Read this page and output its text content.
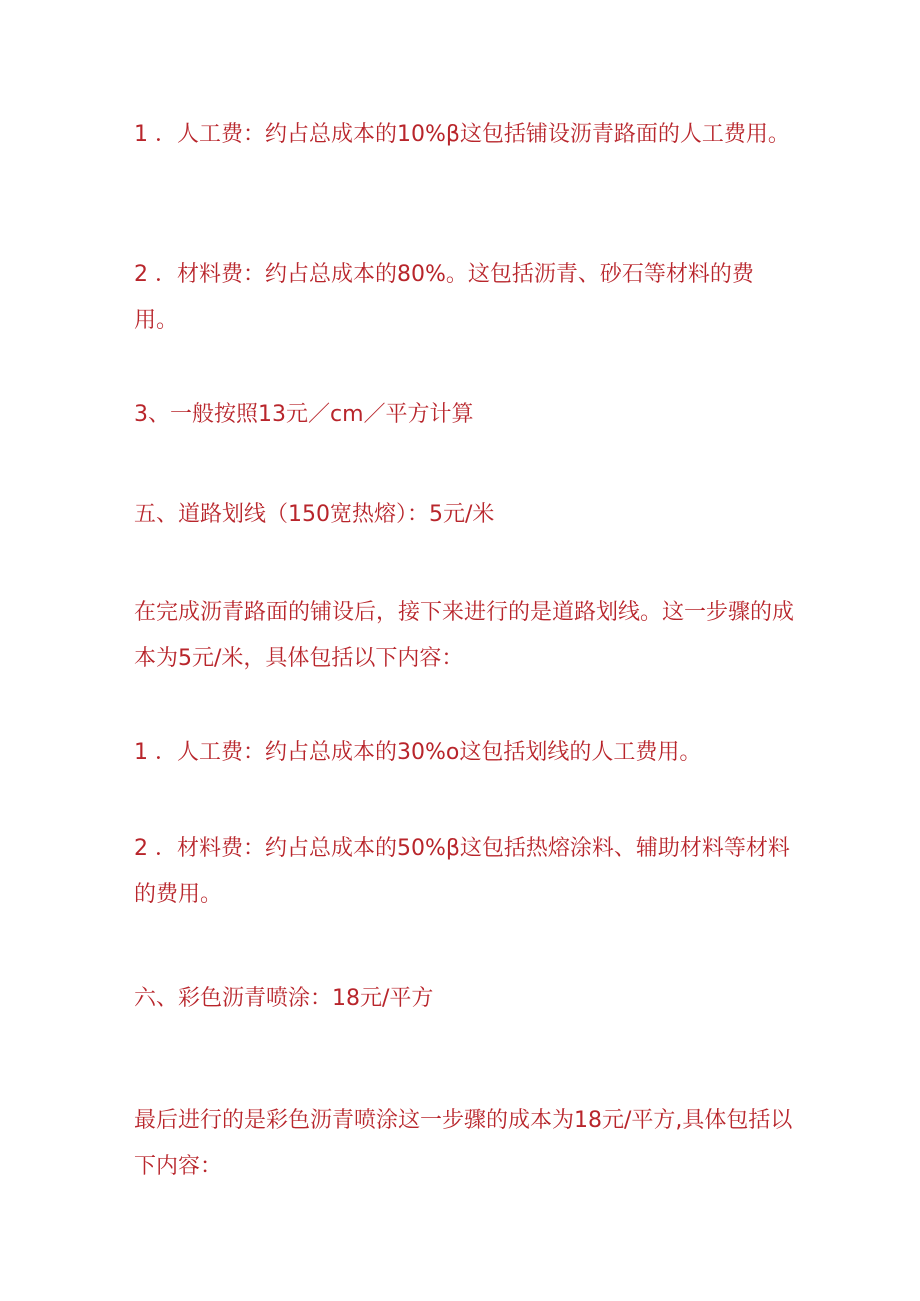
1 ．人工费：约占总成本的10%β这包括铺设沥青路面的人工费用。

2 ．材料费：约占总成本的80%。这包括沥青、砂石等材料的费用。

3、一般按照13元／cm／平方计算

五、道路划线（150宽热熔）：5元/米

在完成沥青路面的铺设后，接下来进行的是道路划线。这一步骤的成本为5元/米，具体包括以下内容：

1 ．人工费：约占总成本的30%o这包括划线的人工费用。

2 ．材料费：约占总成本的50%β这包括热熔涂料、辅助材料等材料的费用。

六、彩色沥青喷涂：18元/平方

最后进行的是彩色沥青喷涂这一步骤的成本为18元/平方,具体包括以下内容：
